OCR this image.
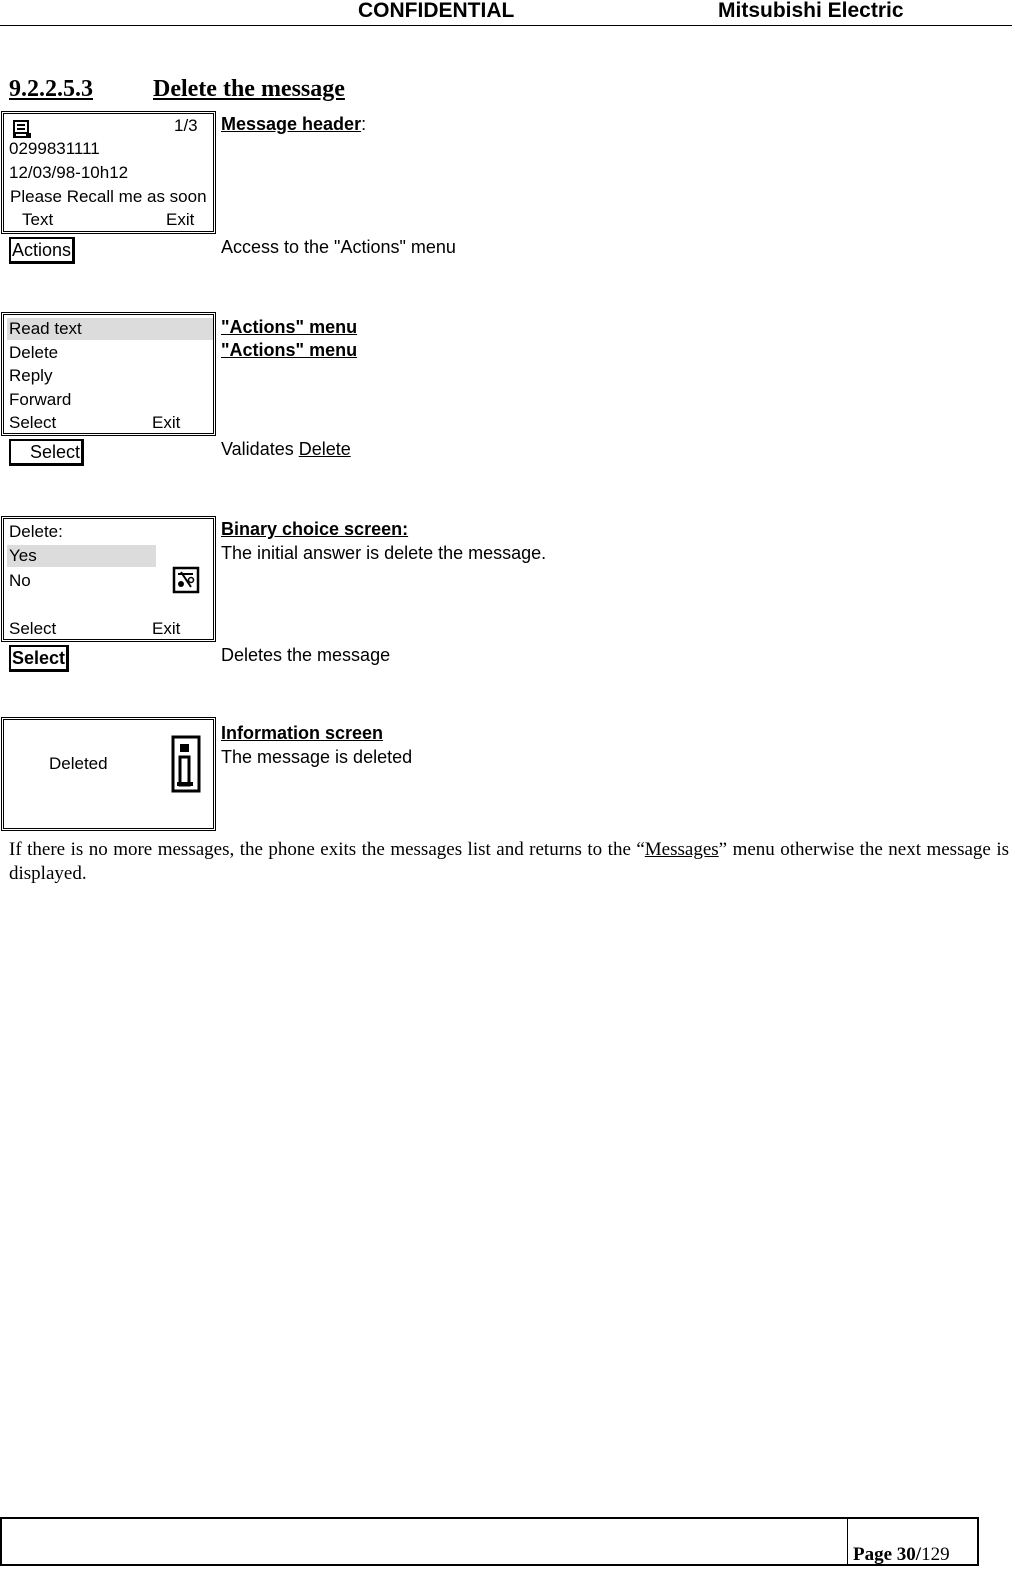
CONFIDENTIAL	Mitsubishi Electric
9.2.2.5.3	Delete the message
1/3
0299831111
12/03/98-10h12
Please Recall me as soon
Text	Exit
Message header:
Actions	Access to the "Actions" menu
Read text
Delete
Reply
Forward
Select	Exit
"Actions" menu
"Actions" menu
Select	Validates Delete
Delete:
Yes
No
Select	Exit
Binary choice screen:
The initial answer is delete the message.
Select	Deletes the message
Deleted
Information screen
The message is deleted
If there is no more messages, the phone exits the messages list and returns to the “Messages” menu otherwise the next message is displayed.
Page 30/129
